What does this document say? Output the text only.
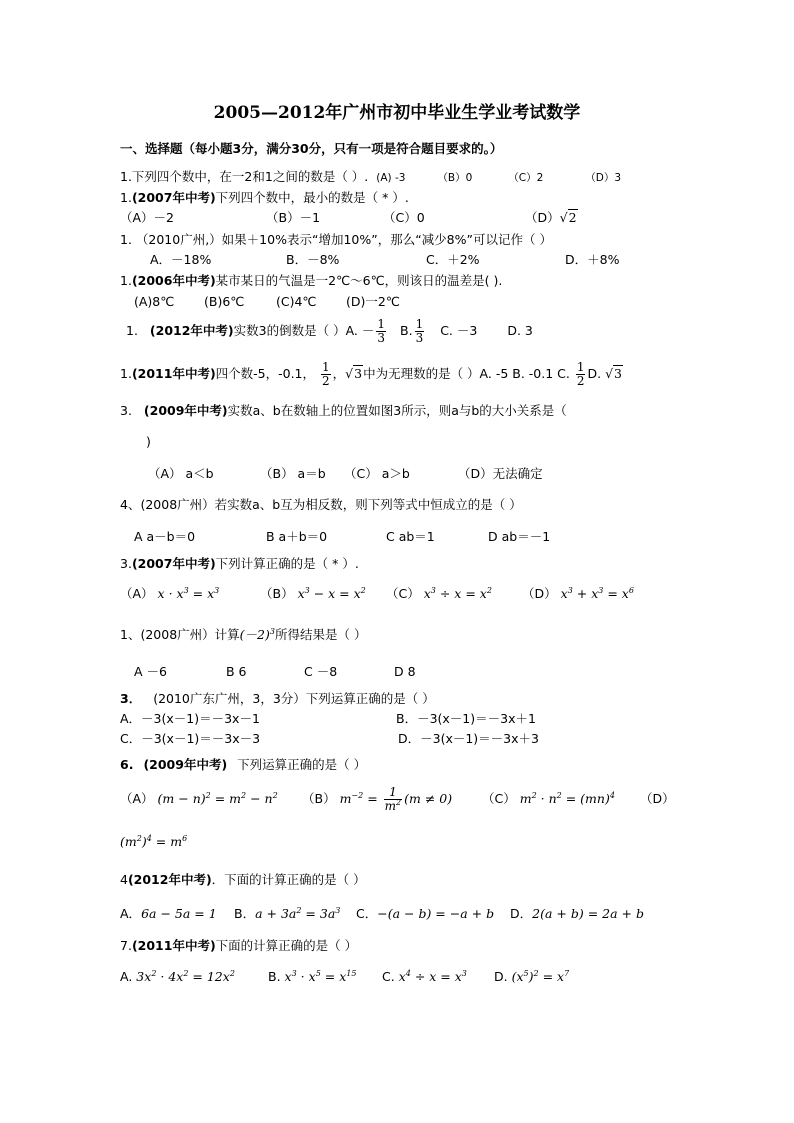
2005—2012年广州市初中毕业生学业考试数学
一、选择题（每小题3分，满分30分，只有一项是符合题目要求的。）
1.下列四个数中，在一2和1之间的数是（ ）. (A) -3	（B）0	（C）2	（D）3
1.(2007年中考)下列四个数中，最小的数是（ * ）.
（A）－2	（B）－1	（C）0	（D）√2
1. （2010广州,）如果＋10%表示“增加10%”，那么“减少8%”可以记作（ ）
A．－18%	B．－8%	C．＋2%	D．＋8%
1.(2006年中考)某市某日的气温是一2℃～6℃，则该日的温差是( ).
(A)8℃ (B)6℃	(C)4℃ (D)一2℃
1. (2012年中考)实数3的倒数是（ ）A. － $\frac{1}{3} B$. $\frac{1}{3} C$. －3 D. 3
1.(2011年中考)四个数-5，-0.1， $\frac{1}{2}$ ，√3中为无理数的是（ ）A. -5 B. -0.1 C. $\frac{1}{2} D$. √3
3. (2009年中考)实数a、b在数轴上的位置如图3所示，则a与b的大小关系是（
)
（A） a＜b	（B） a＝b （C） a＞b	（D）无法确定
4、(2008广州）若实数a、b互为相反数，则下列等式中恒成立的是（ ）
A a－b＝0	B a＋b＝0	C ab＝1	D ab＝－1
3.(2007年中考)下列计算正确的是（ * ）.
（A） $x \cdot x^3 = x^3$	（B） $x^3 - x = x^2$ （C） $x^3 \div x = x^2$ （D） $x^3 + x^3 = x^6$
1、(2008广州）计算$(-2)^3$所得结果是（ ）
A －6	B 6	C －8	D 8
3． (2010广东广州，3，3分）下列运算正确的是（ ）
A．－3(x－1)＝－3x－1	B．－3(x－1)＝－3x＋1
C．－3(x－1)＝－3x－3	D．－3(x－1)＝－3x＋3
6. (2009年中考) 下列运算正确的是（ ）
（A） $(m - n)^2 = m^2 - n^2$ （B） $m^{-2} = \frac{1}{m^2} (m \ne 0)$ （C） $m^2 \cdot n^2 = (mn)^4$ （D）
$(m^2)^4 = m^6$
4(2012年中考)．下面的计算正确的是（ ）
A．6a − 5a = 1 B．$a + 3a^2 = 3a^3$ C．−(a − b) = −a + b D．2(a + b) = 2a + b
7.(2011年中考)下面的计算正确的是（ ）
A. $3x^2 \cdot 4x^2 = 12x^2$	B. $x^3 \cdot x^5 = x^{15}$ C. $x^4 \div x = x^3$ D. $(x^5)^2 = x^7$
